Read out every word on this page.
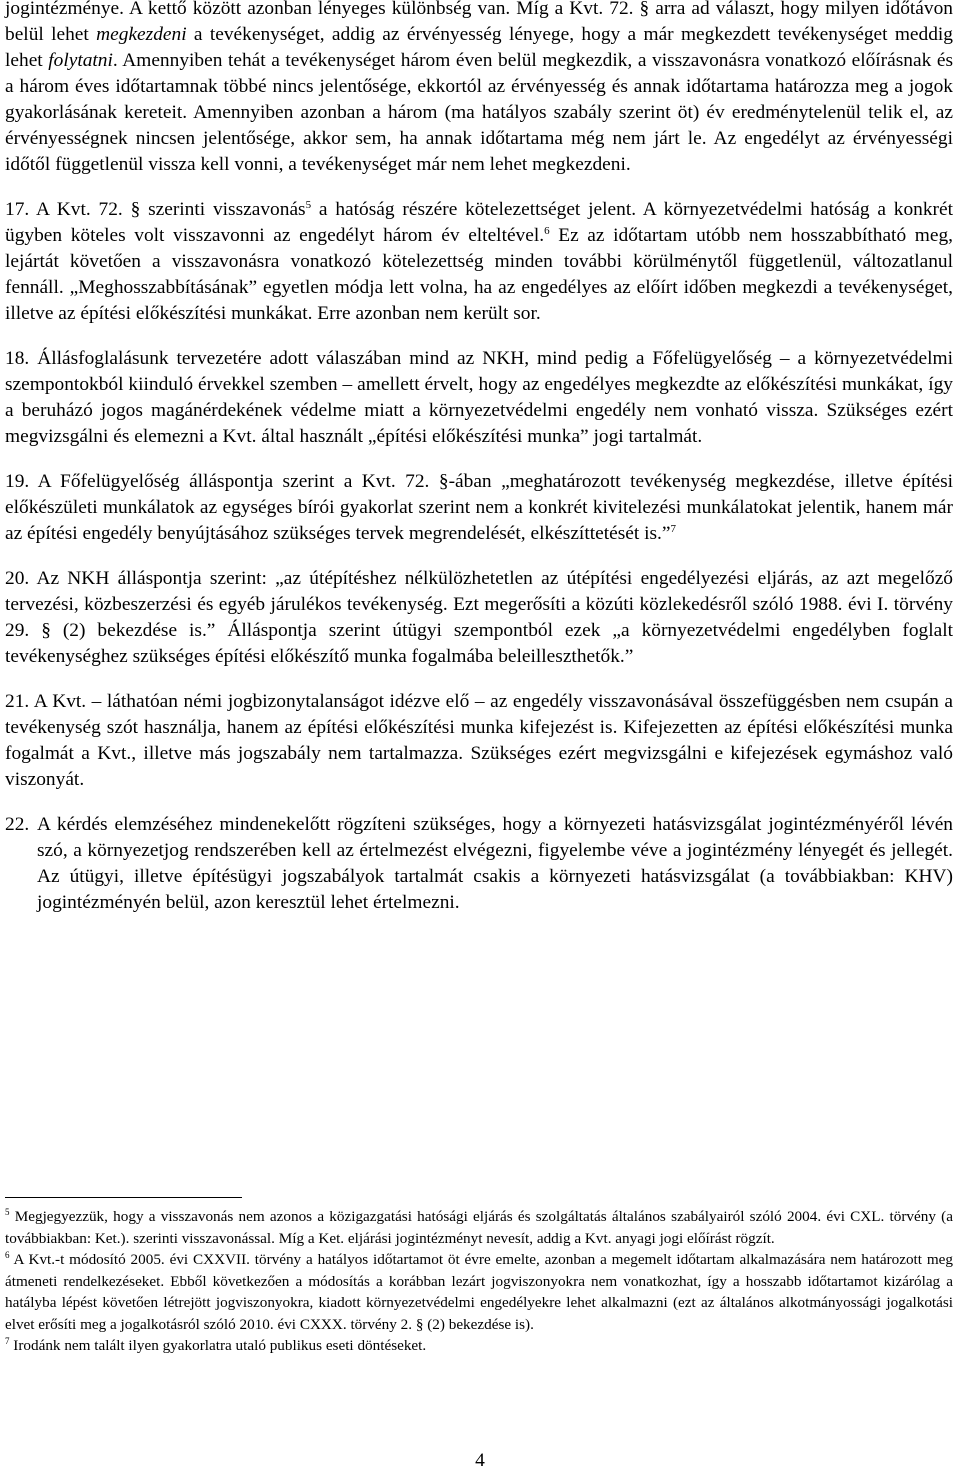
jogintézménye. A kettő között azonban lényeges különbség van. Míg a Kvt. 72. § arra ad választ, hogy milyen időtávon belül lehet megkezdeni a tevékenységet, addig az érvényesség lényege, hogy a már megkezdett tevékenységet meddig lehet folytatni. Amennyiben tehát a tevékenységet három éven belül megkezdik, a visszavonásra vonatkozó előírásnak és a három éves időtartamnak többé nincs jelentősége, ekkortól az érvényesség és annak időtartama határozza meg a jogok gyakorlásának kereteit. Amennyiben azonban a három (ma hatályos szabály szerint öt) év eredménytelenül telik el, az érvényességnek nincsen jelentősége, akkor sem, ha annak időtartama még nem járt le. Az engedélyt az érvényességi időtől függetlenül vissza kell vonni, a tevékenységet már nem lehet megkezdeni.

17. A Kvt. 72. § szerinti visszavonás$^5$ a hatóság részére kötelezettséget jelent. A környezetvédelmi hatóság a konkrét ügyben köteles volt visszavonni az engedélyt három év elteltével.$^6$ Ez az időtartam utóbb nem hosszabbítható meg, lejártát követően a visszavonásra vonatkozó kötelezettség minden további körülménytől függetlenül, változatlanul fennáll. „Meghosszabbításának” egyetlen módja lett volna, ha az engedélyes az előírt időben megkezdi a tevékenységet, illetve az építési előkészítési munkákat. Erre azonban nem került sor.

18. Állásfoglalásunk tervezetére adott válaszában mind az NKH, mind pedig a Főfelügyelőség – a környezetvédelmi szempontokból kiinduló érvekkel szemben – amellett érvelt, hogy az engedélyes megkezdte az előkészítési munkákat, így a beruházó jogos magánérdekének védelme miatt a környezetvédelmi engedély nem vonható vissza. Szükséges ezért megvizsgálni és elemezni a Kvt. által használt „építési előkészítési munka” jogi tartalmát.

19. A Főfelügyelőség álláspontja szerint a Kvt. 72. §-ában „meghatározott tevékenység megkezdése, illetve építési előkészületi munkálatok az egységes bírói gyakorlat szerint nem a konkrét kivitelezési munkálatokat jelentik, hanem már az építési engedély benyújtásához szükséges tervek megrendelését, elkészíttetését is.”$^7$

20. Az NKH álláspontja szerint: „az útépítéshez nélkülözhetetlen az útépítési engedélyezési eljárás, az azt megelőző tervezési, közbeszerzési és egyéb járulékos tevékenység. Ezt megerősíti a közúti közlekedésről szóló 1988. évi I. törvény 29. § (2) bekezdése is.” Álláspontja szerint útügyi szempontból ezek „a környezetvédelmi engedélyben foglalt tevékenységhez szükséges építési előkészítő munka fogalmába beleilleszthetők.”

21. A Kvt. – láthatóan némi jogbizonytalanságot idézve elő – az engedély visszavonásával összefüggésben nem csupán a tevékenység szót használja, hanem az építési előkészítési munka kifejezést is. Kifejezetten az építési előkészítési munka fogalmát a Kvt., illetve más jogszabály nem tartalmazza. Szükséges ezért megvizsgálni e kifejezések egymáshoz való viszonyát.

22.A kérdés elemzéséhez mindenekelőtt rögzíteni szükséges, hogy a környezeti hatásvizsgálat jogintézményéről lévén szó, a környezetjog rendszerében kell az értelmezést elvégezni, figyelembe véve a jogintézmény lényegét és jellegét. Az útügyi, illetve építésügyi jogszabályok tartalmát csakis a környezeti hatásvizsgálat (a továbbiakban: KHV) jogintézményén belül, azon keresztül lehet értelmezni.

$^5$ Megjegyezzük, hogy a visszavonás nem azonos a közigazgatási hatósági eljárás és szolgáltatás általános szabályairól szóló 2004. évi CXL. törvény (a továbbiakban: Ket.). szerinti visszavonással. Míg a Ket. eljárási jogintézményt nevesít, addig a Kvt. anyagi jogi előírást rögzít.

$^6$ A Kvt.-t módosító 2005. évi CXXVII. törvény a hatályos időtartamot öt évre emelte, azonban a megemelt időtartam alkalmazására nem határozott meg átmeneti rendelkezéseket. Ebből következően a módosítás a korábban lezárt jogviszonyokra nem vonatkozhat, így a hosszabb időtartamot kizárólag a hatályba lépést követően létrejött jogviszonyokra, kiadott környezetvédelmi engedélyekre lehet alkalmazni (ezt az általános alkotmányossági jogalkotási elvet erősíti meg a jogalkotásról szóló 2010. évi CXXX. törvény 2. § (2) bekezdése is).

$^7$ Irodánk nem talált ilyen gyakorlatra utaló publikus eseti döntéseket.

4
